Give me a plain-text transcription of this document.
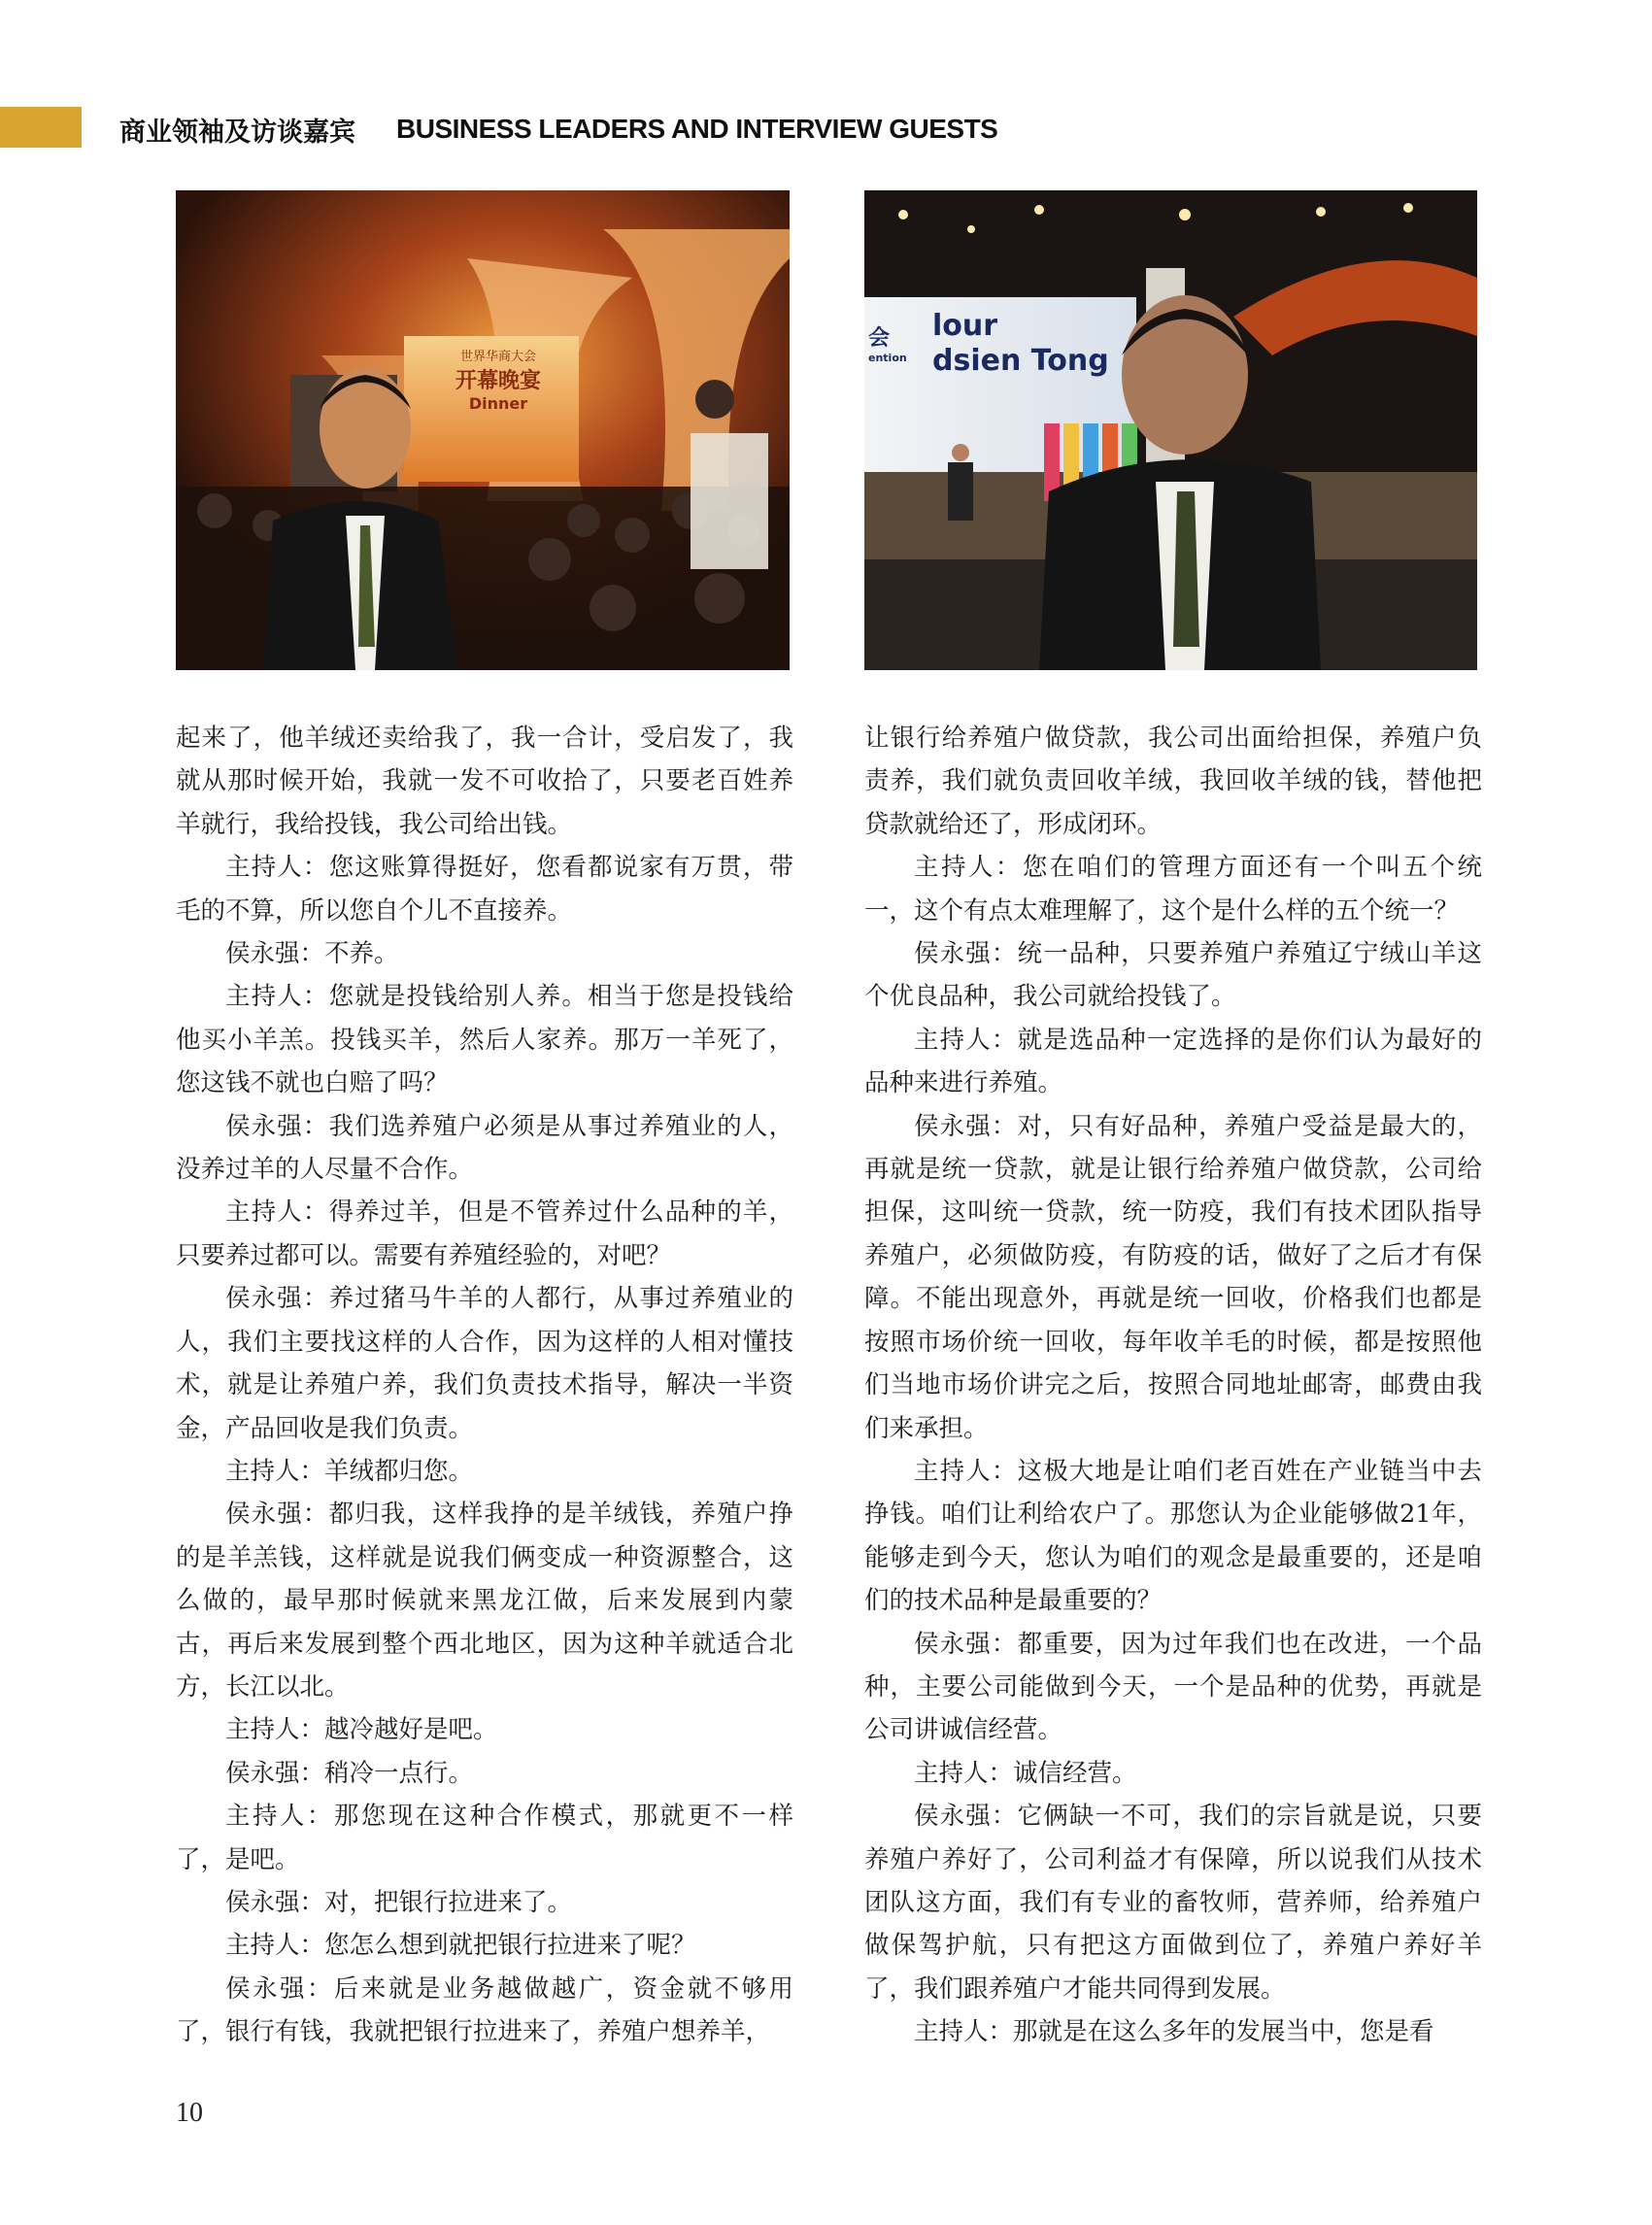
商业领袖及访谈嘉宾 BUSINESS LEADERS AND INTERVIEW GUESTS
世界华商大会
开幕晚宴
Dinner
会
ention
lour
dsien Tong

起来了，他羊绒还卖给我了，我一合计，受启发了，我就从那时候开始，我就一发不可收拾了，只要老百姓养羊就行，我给投钱，我公司给出钱。

主持人：您这账算得挺好，您看都说家有万贯，带毛的不算，所以您自个儿不直接养。

侯永强：不养。

主持人：您就是投钱给别人养。相当于您是投钱给他买小羊羔。投钱买羊，然后人家养。那万一羊死了，您这钱不就也白赔了吗？

侯永强：我们选养殖户必须是从事过养殖业的人，没养过羊的人尽量不合作。

主持人：得养过羊，但是不管养过什么品种的羊，只要养过都可以。需要有养殖经验的，对吧？

侯永强：养过猪马牛羊的人都行，从事过养殖业的人，我们主要找这样的人合作，因为这样的人相对懂技术，就是让养殖户养，我们负责技术指导，解决一半资金，产品回收是我们负责。

主持人：羊绒都归您。

侯永强：都归我，这样我挣的是羊绒钱，养殖户挣的是羊羔钱，这样就是说我们俩变成一种资源整合，这么做的，最早那时候就来黑龙江做，后来发展到内蒙古，再后来发展到整个西北地区，因为这种羊就适合北方，长江以北。

主持人：越冷越好是吧。

侯永强：稍冷一点行。

主持人：那您现在这种合作模式，那就更不一样了，是吧。

侯永强：对，把银行拉进来了。

主持人：您怎么想到就把银行拉进来了呢？

侯永强：后来就是业务越做越广，资金就不够用了，银行有钱，我就把银行拉进来了，养殖户想养羊，

让银行给养殖户做贷款，我公司出面给担保，养殖户负责养，我们就负责回收羊绒，我回收羊绒的钱，替他把贷款就给还了，形成闭环。

主持人：您在咱们的管理方面还有一个叫五个统一，这个有点太难理解了，这个是什么样的五个统一？

侯永强：统一品种，只要养殖户养殖辽宁绒山羊这个优良品种，我公司就给投钱了。

主持人：就是选品种一定选择的是你们认为最好的品种来进行养殖。

侯永强：对，只有好品种，养殖户受益是最大的，再就是统一贷款，就是让银行给养殖户做贷款，公司给担保，这叫统一贷款，统一防疫，我们有技术团队指导养殖户，必须做防疫，有防疫的话，做好了之后才有保障。不能出现意外，再就是统一回收，价格我们也都是按照市场价统一回收，每年收羊毛的时候，都是按照他们当地市场价讲完之后，按照合同地址邮寄，邮费由我们来承担。

主持人：这极大地是让咱们老百姓在产业链当中去挣钱。咱们让利给农户了。那您认为企业能够做21年，能够走到今天，您认为咱们的观念是最重要的，还是咱们的技术品种是最重要的？

侯永强：都重要，因为过年我们也在改进，一个品种，主要公司能做到今天，一个是品种的优势，再就是公司讲诚信经营。

主持人：诚信经营。

侯永强：它俩缺一不可，我们的宗旨就是说，只要养殖户养好了，公司利益才有保障，所以说我们从技术团队这方面，我们有专业的畜牧师，营养师，给养殖户做保驾护航，只有把这方面做到位了，养殖户养好羊了，我们跟养殖户才能共同得到发展。

主持人：那就是在这么多年的发展当中，您是看

10
